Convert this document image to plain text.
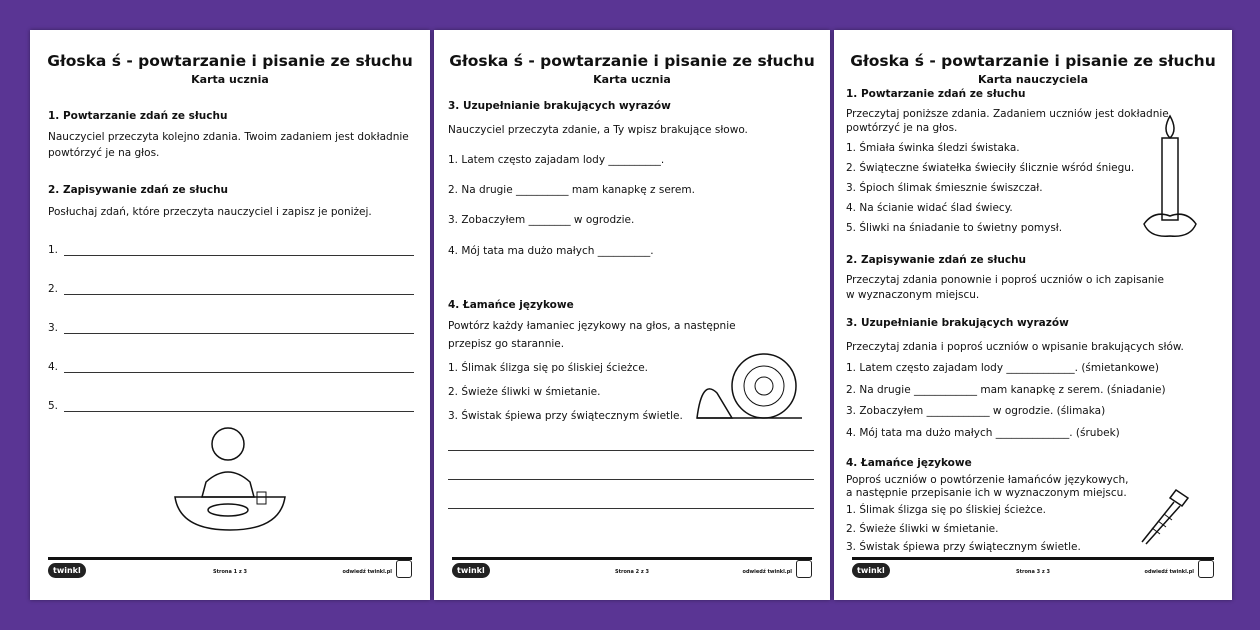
Głoska ś - powtarzanie i pisanie ze słuchu
Karta ucznia
1. Powtarzanie zdań ze słuchu
Nauczyciel przeczyta kolejno zdania. Twoim zadaniem jest dokładnie
powtórzyć je na głos.
2. Zapisywanie zdań ze słuchu
Posłuchaj zdań, które przeczyta nauczyciel i zapisz je poniżej.
1.
2.
3.
4.
5.
twinkl	Strona 1 z 3	odwiedź twinkl.pl
Głoska ś - powtarzanie i pisanie ze słuchu
Karta ucznia
3. Uzupełnianie brakujących wyrazów
Nauczyciel przeczyta zdanie, a Ty wpisz brakujące słowo.
1. Latem często zajadam lody __________.
2. Na drugie __________ mam kanapkę z serem.
3. Zobaczyłem ________ w ogrodzie.
4. Mój tata ma dużo małych __________.
4. Łamańce językowe
Powtórz każdy łamaniec językowy na głos, a następnie
przepisz go starannie.
1. Ślimak ślizga się po śliskiej ścieżce.
2. Świeże śliwki w śmietanie.
3. Świstak śpiewa przy świątecznym świetle.
twinkl	Strona 2 z 3	odwiedź twinkl.pl
Głoska ś - powtarzanie i pisanie ze słuchu
Karta nauczyciela
1. Powtarzanie zdań ze słuchu
Przeczytaj poniższe zdania. Zadaniem uczniów jest dokładnie
powtórzyć je na głos.
1. Śmiała świnka śledzi świstaka.
2. Świąteczne światełka świeciły ślicznie wśród śniegu.
3. Śpioch ślimak śmiesznie świszczał.
4. Na ścianie widać ślad świecy.
5. Śliwki na śniadanie to świetny pomysł.
2. Zapisywanie zdań ze słuchu
Przeczytaj zdania ponownie i poproś uczniów o ich zapisanie
w wyznaczonym miejscu.
3. Uzupełnianie brakujących wyrazów
Przeczytaj zdania i poproś uczniów o wpisanie brakujących słów.
1. Latem często zajadam lody _____________. (śmietankowe)
2. Na drugie ____________ mam kanapkę z serem. (śniadanie)
3. Zobaczyłem ____________ w ogrodzie. (ślimaka)
4. Mój tata ma dużo małych ______________. (śrubek)
4. Łamańce językowe
Poproś uczniów o powtórzenie łamańców językowych,
a następnie przepisanie ich w wyznaczonym miejscu.
1. Ślimak ślizga się po śliskiej ścieżce.
2. Świeże śliwki w śmietanie.
3. Świstak śpiewa przy świątecznym świetle.
twinkl	Strona 3 z 3	odwiedź twinkl.pl
